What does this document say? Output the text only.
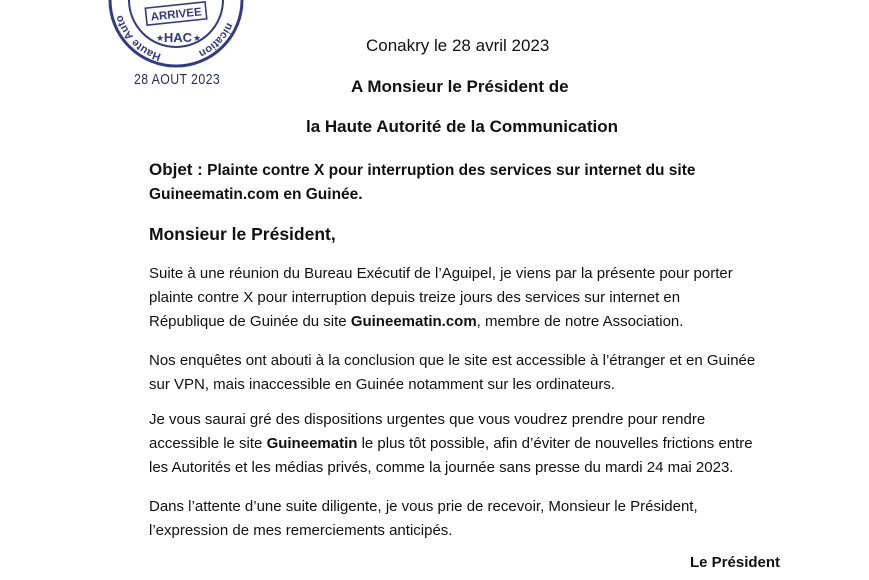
Haute Auto
nication
ARRIVEE
HAC
★	★
28 AOUT 2023
Conakry le 28 avril 2023
A Monsieur le Président de
la Haute Autorité de la Communication
Objet : Plainte contre X pour interruption des services sur internet du site
Guineematin.com en Guinée.
Monsieur le Président,
Suite à une réunion du Bureau Exécutif de l’Aguipel, je viens par la présente pour porter
plainte contre X pour interruption depuis treize jours des services sur internet en
République de Guinée du site Guineematin.com, membre de notre Association.
Nos enquêtes ont abouti à la conclusion que le site est accessible à l’étranger et en Guinée
sur VPN, mais inaccessible en Guinée notamment sur les ordinateurs.
Je vous saurai gré des dispositions urgentes que vous voudrez prendre pour rendre
accessible le site Guineematin le plus tôt possible, afin d’éviter de nouvelles frictions entre
les Autorités et les médias privés, comme la journée sans presse du mardi 24 mai 2023.
Dans l’attente d’une suite diligente, je vous prie de recevoir, Monsieur le Président,
l’expression de mes remerciements anticipés.
Le Président
